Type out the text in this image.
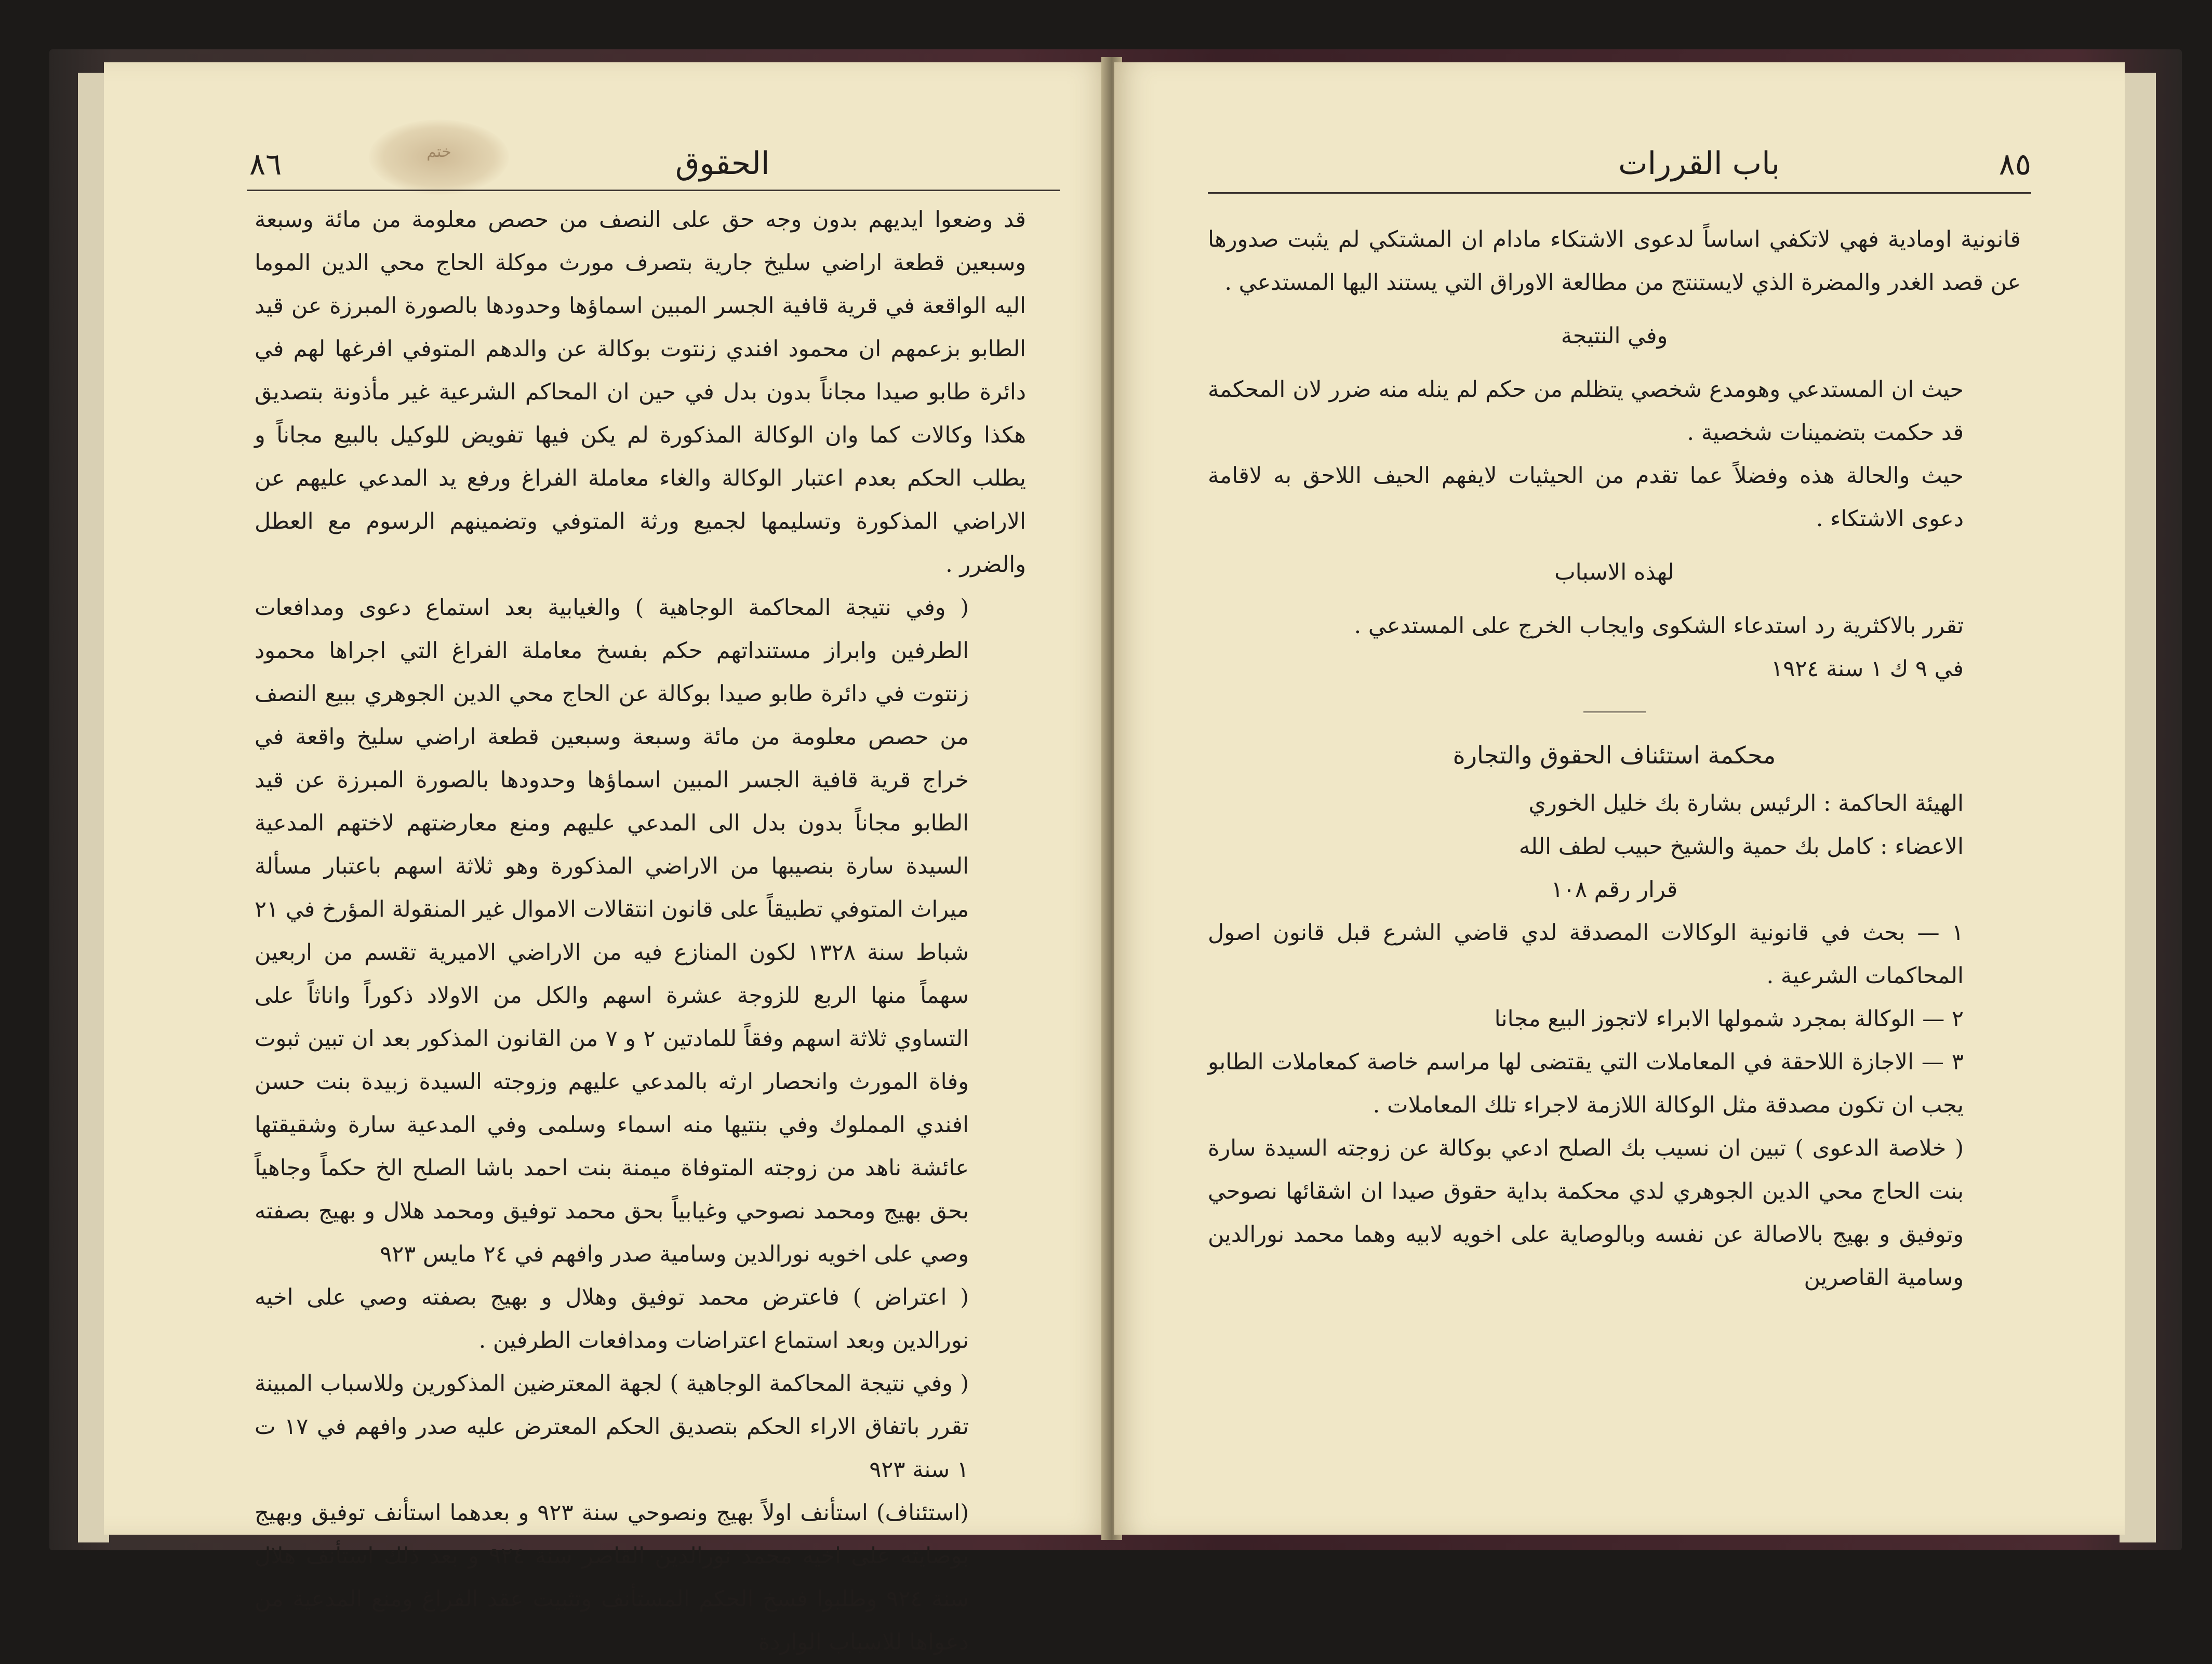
٨٦	الحقوق
ختم

قد وضعوا ايديهم بدون وجه حق على النصف من حصص معلومة من مائة وسبعة وسبعين قطعة اراضي سليخ جارية بتصرف مورث موكلة الحاج محي الدين الموما اليه الواقعة في قرية قافية الجسر المبين اسماؤها وحدودها بالصورة المبرزة عن قيد الطابو بزعمهم ان محمود افندي زنتوت بوكالة عن والدهم المتوفي افرغها لهم في دائرة طابو صيدا مجاناً بدون بدل في حين ان المحاكم الشرعية غير مأذونة بتصديق هكذا وكالات كما وان الوكالة المذكورة لم يكن فيها تفويض للوكيل بالبيع مجاناً و يطلب الحكم بعدم اعتبار الوكالة والغاء معاملة الفراغ ورفع يد المدعي عليهم عن الاراضي المذكورة وتسليمها لجميع ورثة المتوفي وتضمينهم الرسوم مع العطل والضرر .

( وفي نتيجة المحاكمة الوجاهية ) والغيابية بعد استماع دعوى ومدافعات الطرفين وابراز مستنداتهم حكم بفسخ معاملة الفراغ التي اجراها محمود زنتوت في دائرة طابو صيدا بوكالة عن الحاج محي الدين الجوهري ببيع النصف من حصص معلومة من مائة وسبعة وسبعين قطعة اراضي سليخ واقعة في خراج قرية قافية الجسر المبين اسماؤها وحدودها بالصورة المبرزة عن قيد الطابو مجاناً بدون بدل الى المدعي عليهم ومنع معارضتهم لاختهم المدعية السيدة سارة بنصيبها من الاراضي المذكورة وهو ثلاثة اسهم باعتبار مسألة ميراث المتوفي تطبيقاً على قانون انتقالات الاموال غير المنقولة المؤرخ في ٢١ شباط سنة ١٣٢٨ لكون المنازع فيه من الاراضي الاميرية تقسم من اربعين سهماً منها الربع للزوجة عشرة اسهم والكل من الاولاد ذكوراً واناثاً على التساوي ثلاثة اسهم وفقاً للمادتين ٢ و ٧ من القانون المذكور بعد ان تبين ثبوت وفاة المورث وانحصار ارثه بالمدعي عليهم وزوجته السيدة زبيدة بنت حسن افندي المملوك وفي بنتيها منه اسماء وسلمى وفي المدعية سارة وشقيقتها عائشة ناهد من زوجته المتوفاة ميمنة بنت احمد باشا الصلح الخ حكماً وجاهياً بحق بهيج ومحمد نصوحي وغيابياً بحق محمد توفيق ومحمد هلال و بهيج بصفته وصي على اخويه نورالدين وسامية صدر وافهم في ٢٤ مايس ٩٢٣

( اعتراض ) فاعترض محمد توفيق وهلال و بهيج بصفته وصي على اخيه نورالدين وبعد استماع اعتراضات ومدافعات الطرفين .

( وفي نتيجة المحاكمة الوجاهية ) لجهة المعترضين المذكورين وللاسباب المبينة تقرر باتفاق الاراء الحكم بتصديق الحكم المعترض عليه صدر وافهم في ١٧ ت ١ سنة ٩٢٣

(استئناف) استأنف اولاً بهيج ونصوحي سنة ٩٢٣ و بعدهما استأنف توفيق وبهيج بوصايته على اخيه محمد نورالدين القاصر سنة ٩٢٤ و بعد ذلك استأنف هلال سنة ٩٢٤ وطلبوا فسخ الحكم المستأنف وتثبيت عقد الفراغ ومنع المدعية من دعواها للاسباب الواردة

٨٥
باب القررات

قانونية اومادية فهي لاتكفي اساساً لدعوى الاشتكاء مادام ان المشتكي لم يثبت صدورها عن قصد الغدر والمضرة الذي لايستنتج من مطالعة الاوراق التي يستند اليها المستدعي .

وفي النتيجة

حيث ان المستدعي وهومدع شخصي يتظلم من حكم لم ينله منه ضرر لان المحكمة قد حكمت بتضمينات شخصية .

حيث والحالة هذه وفضلاً عما تقدم من الحيثيات لايفهم الحيف اللاحق به لاقامة دعوى الاشتكاء .

لهذه الاسباب

تقرر بالاكثرية رد استدعاء الشكوى وايجاب الخرج على المستدعي .

في ٩ ك ١ سنة ١٩٢٤

محكمة استئناف الحقوق والتجارة

الهيئة الحاكمة : الرئيس بشارة بك خليل الخوري

الاعضاء : كامل بك حمية والشيخ حبيب لطف الله

قرار رقم ١٠٨

١ — بحث في قانونية الوكالات المصدقة لدي قاضي الشرع قبل قانون اصول المحاكمات الشرعية .

٢ — الوكالة بمجرد شمولها الابراء لاتجوز البيع مجانا

٣ — الاجازة اللاحقة في المعاملات التي يقتضى لها مراسم خاصة كمعاملات الطابو يجب ان تكون مصدقة مثل الوكالة اللازمة لاجراء تلك المعاملات .

( خلاصة الدعوى ) تبين ان نسيب بك الصلح ادعي بوكالة عن زوجته السيدة سارة بنت الحاج محي الدين الجوهري لدي محكمة بداية حقوق صيدا ان اشقائها نصوحي وتوفيق و بهيج بالاصالة عن نفسه وبالوصاية على اخويه لابيه وهما محمد نورالدين وسامية القاصرين
